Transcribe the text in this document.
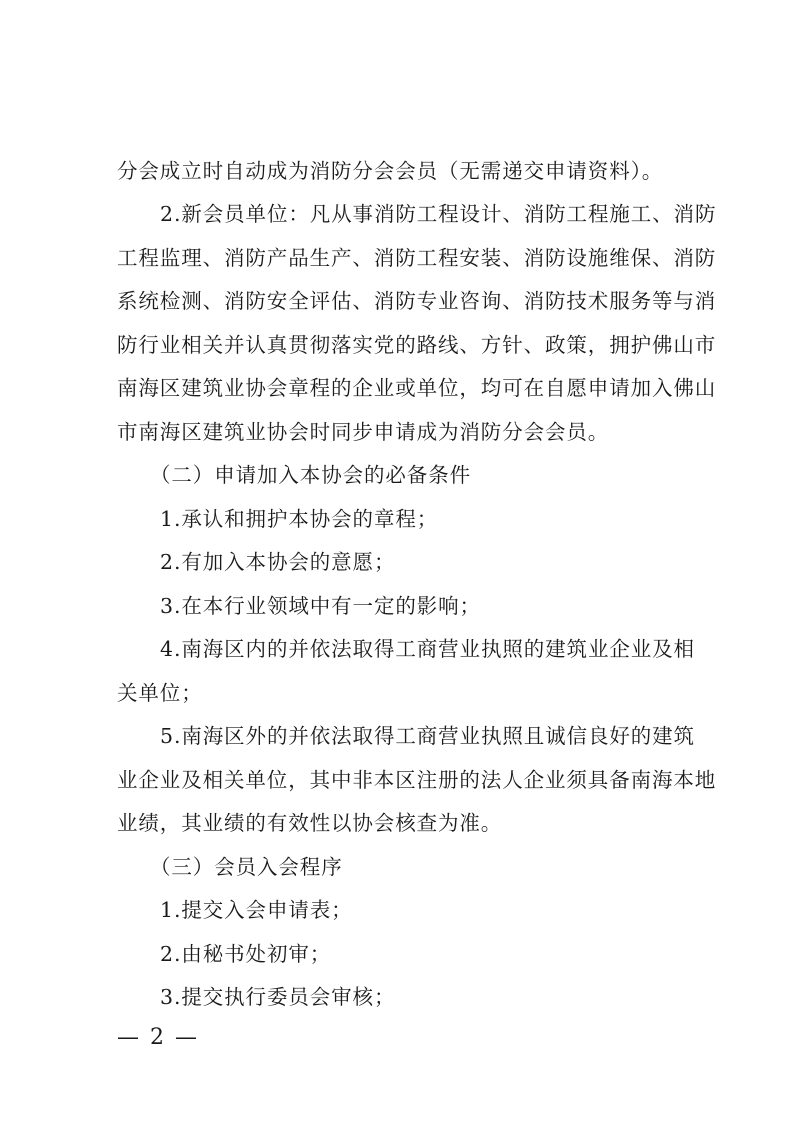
分会成立时自动成为消防分会会员（无需递交申请资料）。
2.新会员单位：凡从事消防工程设计、消防工程施工、消防
工程监理、消防产品生产、消防工程安装、消防设施维保、消防
系统检测、消防安全评估、消防专业咨询、消防技术服务等与消
防行业相关并认真贯彻落实党的路线、方针、政策，拥护佛山市
南海区建筑业协会章程的企业或单位，均可在自愿申请加入佛山
市南海区建筑业协会时同步申请成为消防分会会员。
（二）申请加入本协会的必备条件
1.承认和拥护本协会的章程；
2.有加入本协会的意愿；
3.在本行业领域中有一定的影响；
4.南海区内的并依法取得工商营业执照的建筑业企业及相
关单位；
5.南海区外的并依法取得工商营业执照且诚信良好的建筑
业企业及相关单位，其中非本区注册的法人企业须具备南海本地
业绩，其业绩的有效性以协会核查为准。
（三）会员入会程序
1.提交入会申请表；
2.由秘书处初审；
3.提交执行委员会审核；
— 2 —
